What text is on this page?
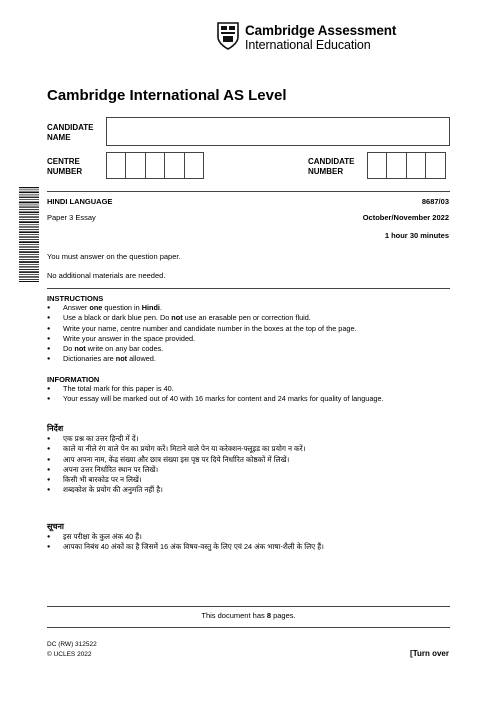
Cambridge Assessment
International Education
Cambridge International AS Level
CANDIDATE NAME
CENTRE NUMBER
CANDIDATE NUMBER
HINDI LANGUAGE	8687/03
Paper 3 Essay	October/November 2022
1 hour 30 minutes
You must answer on the question paper.
No additional materials are needed.
INSTRUCTIONS
● Answer one question in Hindi.
● Use a black or dark blue pen. Do not use an erasable pen or correction fluid.
● Write your name, centre number and candidate number in the boxes at the top of the page.
● Write your answer in the space provided.
● Do not write on any bar codes.
● Dictionaries are not allowed.
INFORMATION
● The total mark for this paper is 40.
● Your essay will be marked out of 40 with 16 marks for content and 24 marks for quality of language.
निर्देश
● एक प्रश्न का उत्तर हिन्दी में दें।
● काले या नीले रंग वाले पेन का प्रयोग करें। मिटाने वाले पेन या करेक्शन-फ्लूइड का प्रयोग न करें।
● आप अपना नाम, केंद्र संख्या और छात्र संख्या इस पृष्ठ पर दिये निर्धारित कोष्ठकों में लिखें।
● अपना उत्तर निर्धारित स्थान पर लिखें।
● किसी भी बारकोड पर न लिखें।
● शब्दकोश के प्रयोग की अनुमति नहीं है।
सूचना
● इस परीक्षा के कुल अंक 40 हैं।
● आपका निबंध 40 अंकों का है जिसमें 16 अंक विषय-वस्तु के लिए एवं 24 अंक भाषा-शैली के लिए हैं।
This document has 8 pages.
DC (RW) 312522
© UCLES 2022	[Turn over
